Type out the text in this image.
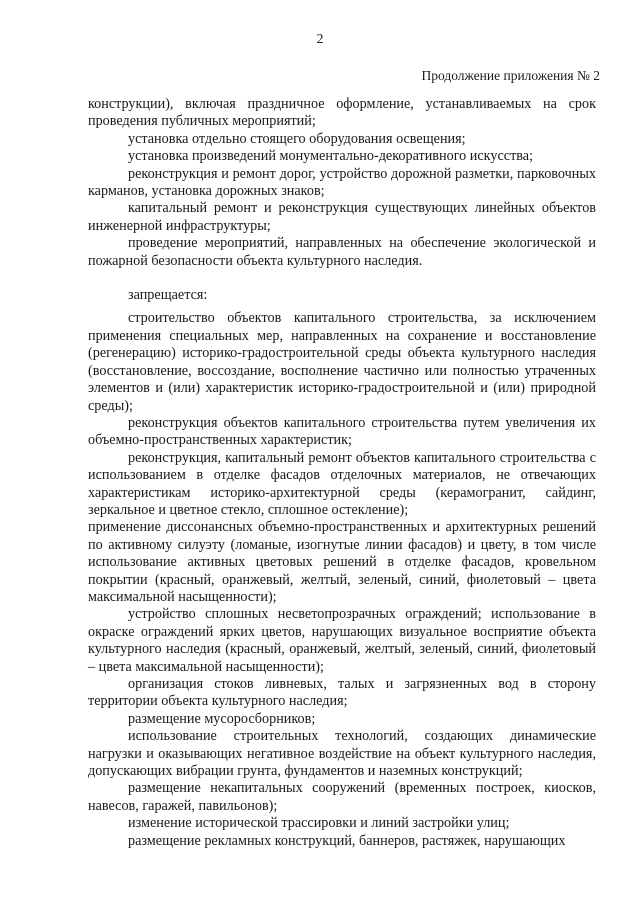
2
Продолжение приложения № 2

конструкции), включая праздничное оформление, устанавливаемых на срок проведения публичных мероприятий;

установка отдельно стоящего оборудования освещения;

установка произведений монументально-декоративного искусства;

реконструкция и ремонт дорог, устройство дорожной разметки, парковочных карманов, установка дорожных знаков;

капитальный ремонт и реконструкция существующих линейных объектов инженерной инфраструктуры;

проведение мероприятий, направленных на обеспечение экологической и пожарной безопасности объекта культурного наследия.

запрещается:

строительство объектов капитального строительства, за исключением применения специальных мер, направленных на сохранение и восстановление (регенерацию) историко-градостроительной среды объекта культурного наследия (восстановление, воссоздание, восполнение частично или полностью утраченных элементов и (или) характеристик историко-градостроительной и (или) природной среды);

реконструкция объектов капитального строительства путем увеличения их объемно-пространственных характеристик;

реконструкция, капитальный ремонт объектов капитального строительства с использованием в отделке фасадов отделочных материалов, не отвечающих характеристикам историко-архитектурной среды (керамогранит, сайдинг, зеркальное и цветное стекло, сплошное остекление);

применение диссонансных объемно-пространственных и архитектурных решений по активному силуэту (ломаные, изогнутые линии фасадов) и цвету, в том числе использование активных цветовых решений в отделке фасадов, кровельном покрытии (красный, оранжевый, желтый, зеленый, синий, фиолетовый – цвета максимальной насыщенности);

устройство сплошных несветопрозрачных ограждений; использование в окраске ограждений ярких цветов, нарушающих визуальное восприятие объекта культурного наследия (красный, оранжевый, желтый, зеленый, синий, фиолетовый – цвета максимальной насыщенности);

организация стоков ливневых, талых и загрязненных вод в сторону территории объекта культурного наследия;

размещение мусоросборников;

использование строительных технологий, создающих динамические нагрузки и оказывающих негативное воздействие на объект культурного наследия, допускающих вибрации грунта, фундаментов и наземных конструкций;

размещение некапитальных сооружений (временных построек, киосков, навесов, гаражей, павильонов);

изменение исторической трассировки и линий застройки улиц;

размещение рекламных конструкций, баннеров, растяжек, нарушающих
